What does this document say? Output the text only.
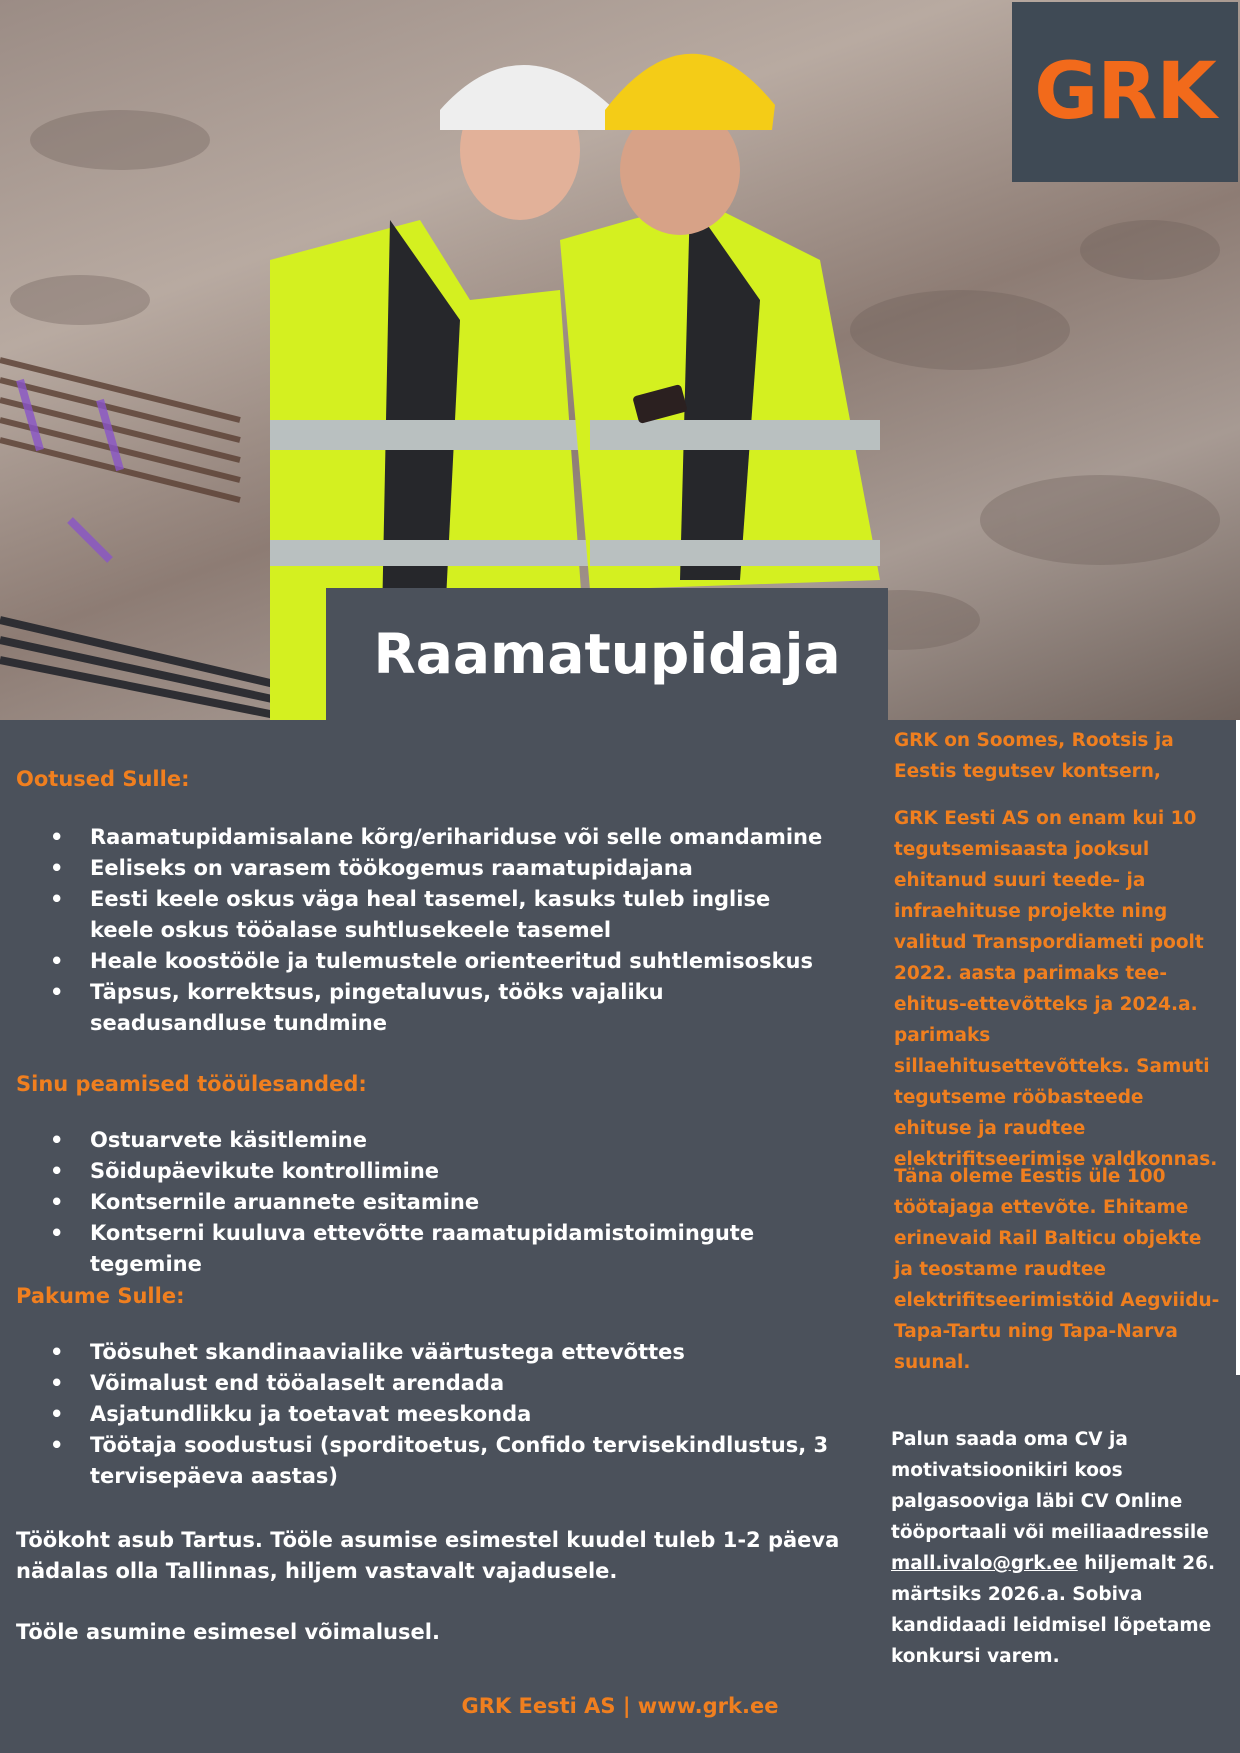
GRK
Raamatupidaja
Ootused Sulle:
• Raamatupidamisalane kõrg/erihariduse või selle omandamine
• Eeliseks on varasem töökogemus raamatupidajana
• Eesti keele oskus väga heal tasemel, kasuks tuleb inglise keele oskus tööalase suhtlusekeele tasemel
• Heale koostööle ja tulemustele orienteeritud suhtlemisoskus
• Täpsus, korrektsus, pingetaluvus, tööks vajaliku seadusandluse tundmine
Sinu peamised tööülesanded:
• Ostuarvete käsitlemine
• Sõidupäevikute kontrollimine
• Kontsernile aruannete esitamine
• Kontserni kuuluva ettevõtte raamatupidamistoimingute tegemine
Pakume Sulle:
• Töösuhet skandinaavialike väärtustega ettevõttes
• Võimalust end tööalaselt arendada
• Asjatundlikku ja toetavat meeskonda
• Töötaja soodustusi (sporditoetus, Confido tervisekindlustus, 3 tervisepäeva aastas)
Töökoht asub Tartus. Tööle asumise esimestel kuudel tuleb 1-2 päeva nädalas olla Tallinnas, hiljem vastavalt vajadusele.
Tööle asumine esimesel võimalusel.
GRK on Soomes, Rootsis ja Eestis tegutsev kontsern,
GRK Eesti AS on enam kui 10 tegutsemisaasta jooksul ehitanud suuri teede- ja infraehituse projekte ning valitud Transpordiameti poolt 2022. aasta parimaks tee-ehitus-ettevõtteks ja 2024.a. parimaks sillaehitusettevõtteks. Samuti tegutseme rööbasteede ehituse ja raudtee elektrifitseerimise valdkonnas.
Täna oleme Eestis üle 100 töötajaga ettevõte. Ehitame erinevaid Rail Balticu objekte ja teostame raudtee elektrifitseerimistöid Aegviidu-Tapa-Tartu ning Tapa-Narva suunal.
Palun saada oma CV ja motivatsioonikiri koos palgasooviga läbi CV Online tööportaali või meiliaadressile mall.ivalo@grk.ee hiljemalt 26. märtsiks 2026.a. Sobiva kandidaadi leidmisel lõpetame konkursi varem.
GRK Eesti AS | www.grk.ee
